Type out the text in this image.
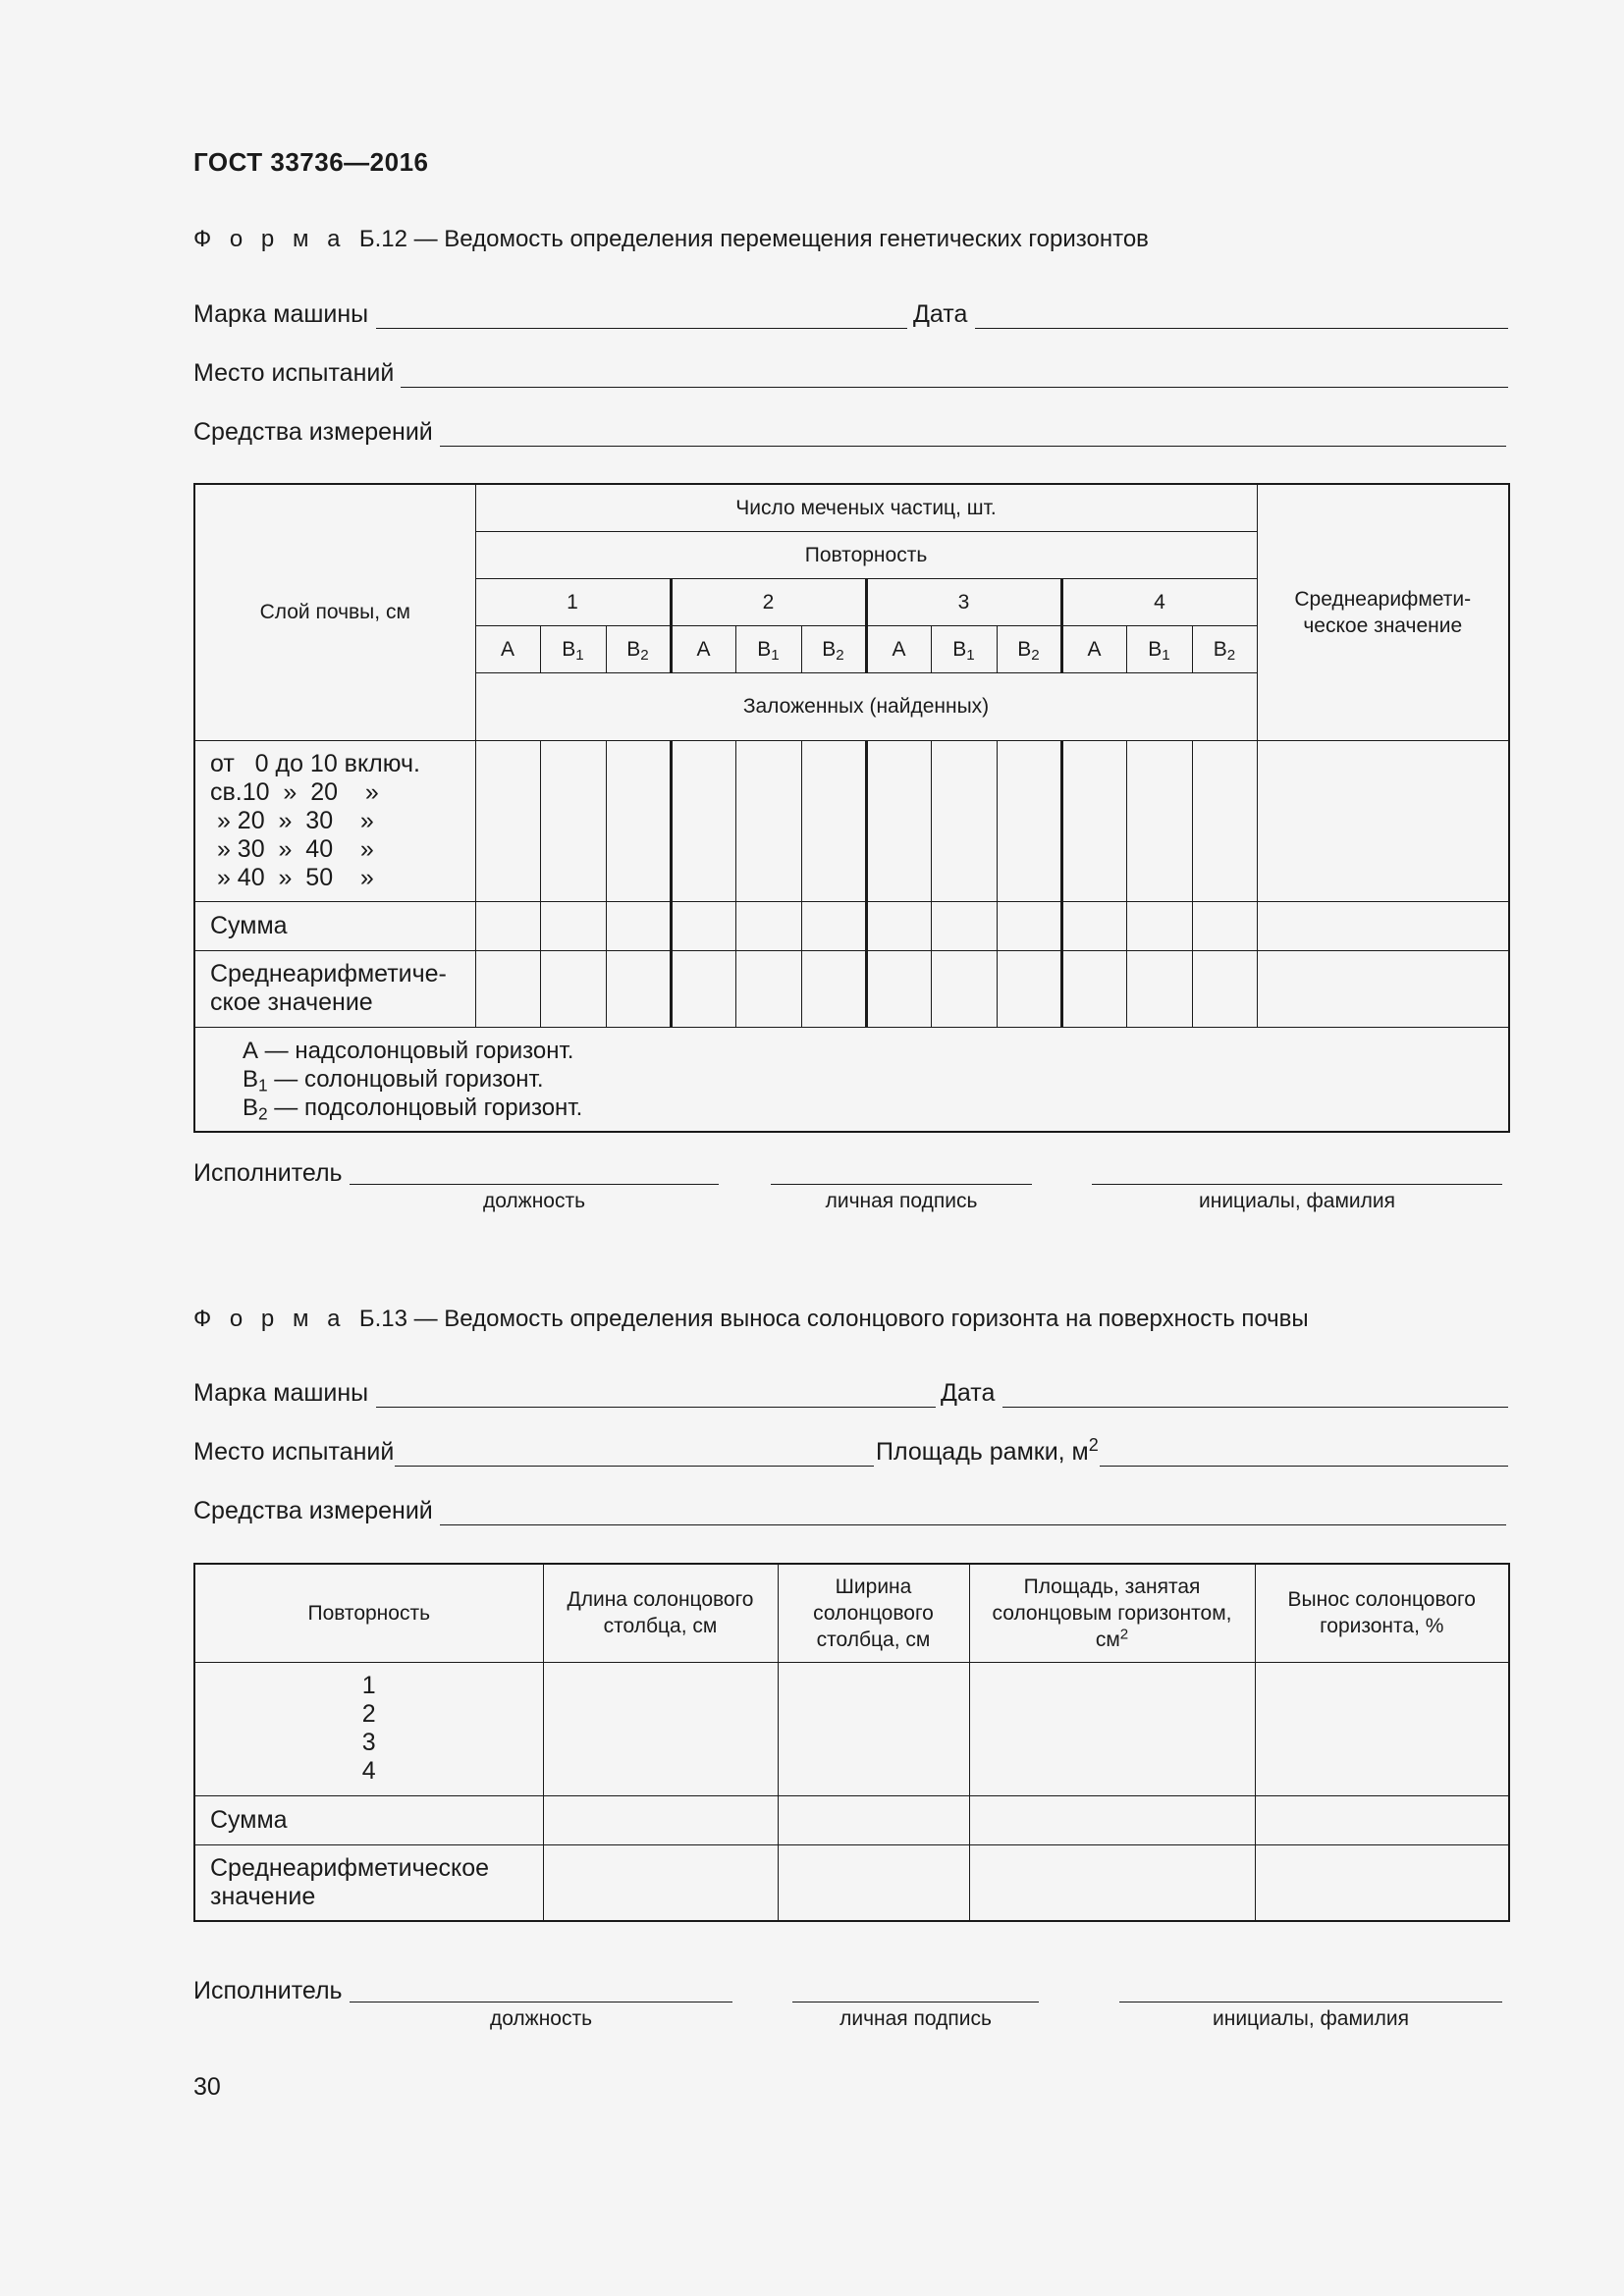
ГОСТ 33736—2016
Ф о р м а Б.12 — Ведомость определения перемещения генетических горизонтов
Марка машины	Дата
Место испытаний
Средства измерений
Слой почвы, см	Число меченых частиц, шт.												Среднеарифмети-ческое значение
	Повторность												
	1			2			3			4			
	А	$В_1$	$В_2$	А	$В_1$	$В_2$	А	$В_1$	$В_2$	А	$В_1$	$В_2$
	Заложенных (найденных)												

от   0 до 10 включ.
св.10  »  20    »
» 20  »  30    »
» 30  »  40    »
» 40  »  50    »													

Сумма													
Среднеарифметиче-ское значение													

А — надсолонцовый горизонт.
$В_1$ — солонцовый горизонт.
$В_2$ — подсолонцовый горизонт.													
Исполнитель
должность	личная подпись	инициалы, фамилия
Ф о р м а Б.13 — Ведомость определения выноса солонцового горизонта на поверхность почвы
Марка машины	Дата
Место испытаний	Площадь рамки, $м^2$
Средства измерений
Повторность	Длина солонцового столбца, см	Ширина солонцового столбца, см	Площадь, занятая солонцовым горизонтом, $см^2$	Вынос солонцового горизонта, %

1
2
3
4				

Сумма				
Среднеарифметическое значение				
Исполнитель
должность	личная подпись	инициалы, фамилия
30
